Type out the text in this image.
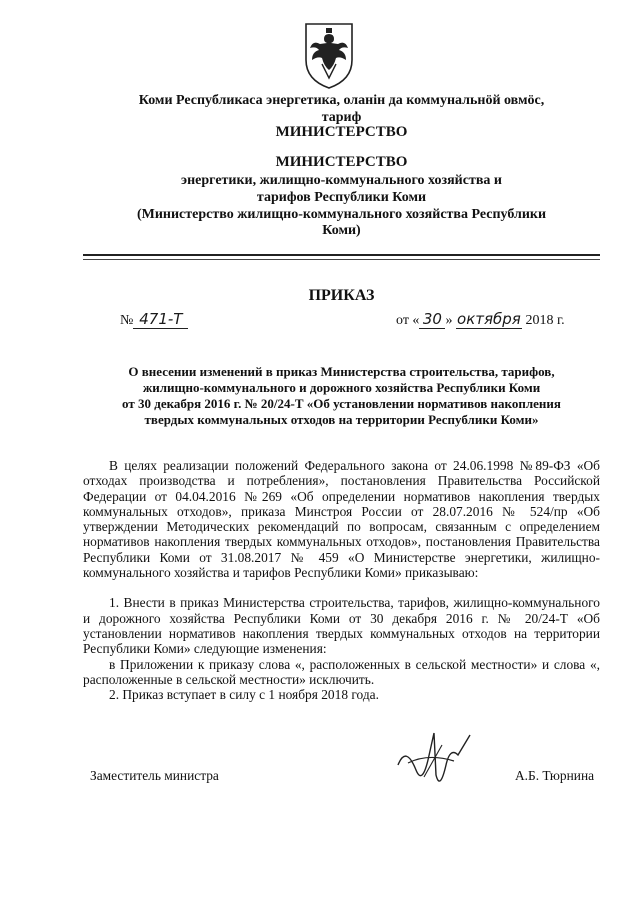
Коми Республикаса энергетика, оланін да коммунальнӧй овмӧс,
тариф
МИНИСТЕРСТВО
МИНИСТЕРСТВО
энергетики, жилищно-коммунального хозяйства и
тарифов Республики Коми
(Министерство жилищно-коммунального хозяйства Республики
Коми)
ПРИКАЗ
№ 471-Т	от « 30 » октября 2018 г.
О внесении изменений в приказ Министерства строительства, тарифов,
жилищно-коммунального и дорожного хозяйства Республики Коми
от 30 декабря 2016 г. № 20/24-Т «Об установлении нормативов накопления
твердых коммунальных отходов на территории Республики Коми»

В целях реализации положений Федерального закона от 24.06.1998 №89-ФЗ «Об отходах производства и потребления», постановления Правительства Российской Федерации от 04.04.2016 №269 «Об определении нормативов накопления твердых коммунальных отходов», приказа Минстроя России от 28.07.2016 № 524/пр «Об утверждении Методических рекомендаций по вопросам, связанным с определением нормативов накопления твердых коммунальных отходов», постановления Правительства Республики Коми от 31.08.2017 № 459 «О Министерстве энергетики, жилищно-коммунального хозяйства и тарифов Республики Коми» приказываю:

1. Внести в приказ Министерства строительства, тарифов, жилищно-коммунального и дорожного хозяйства Республики Коми от 30 декабря 2016 г. № 20/24-Т «Об установлении нормативов накопления твердых коммунальных отходов на территории Республики Коми» следующие изменения:

в Приложении к приказу слова «, расположенных в сельской местности» и слова «, расположенные в сельской местности» исключить.

2. Приказ вступает в силу с 1 ноября 2018 года.

Заместитель министра	А.Б. Тюрнина
